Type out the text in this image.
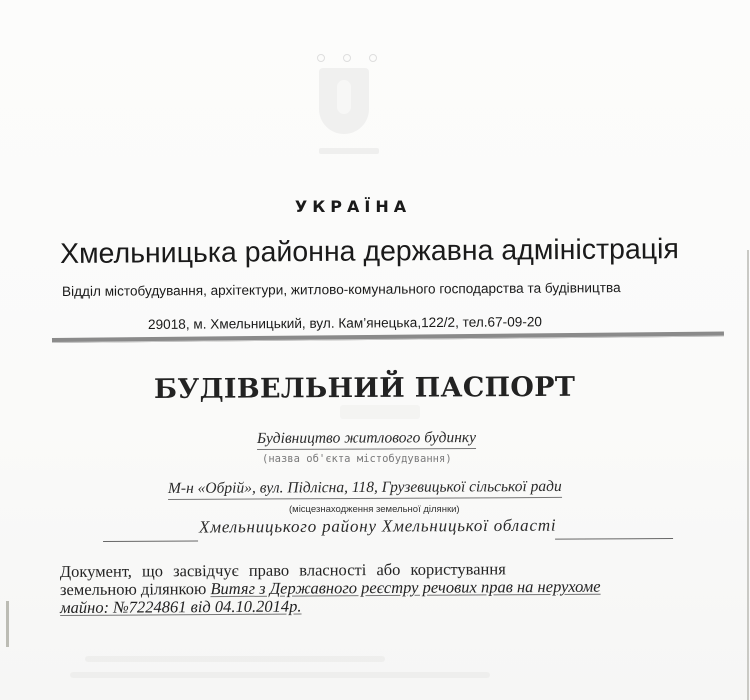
УКРАЇНА
Хмельницька районна державна адміністрація
Відділ містобудування, архітектури, житлово-комунального господарства та будівництва
29018, м. Хмельницький, вул. Кам’янецька,122/2, тел.67-09-20
БУДІВЕЛЬНИЙ ПАСПОРТ
Будівництво житлового будинку
(назва об'єкта містобудування)
М-н «Обрій», вул. Підлісна, 118, Грузевицької сільської ради
(місцезнаходження земельної ділянки)
Хмельницького району Хмельницької області
Документ, що засвідчує право власності або користування
земельною ділянкою Витяг з Державного реєстру речових прав на нерухоме
майно: №7224861 від 04.10.2014р.
